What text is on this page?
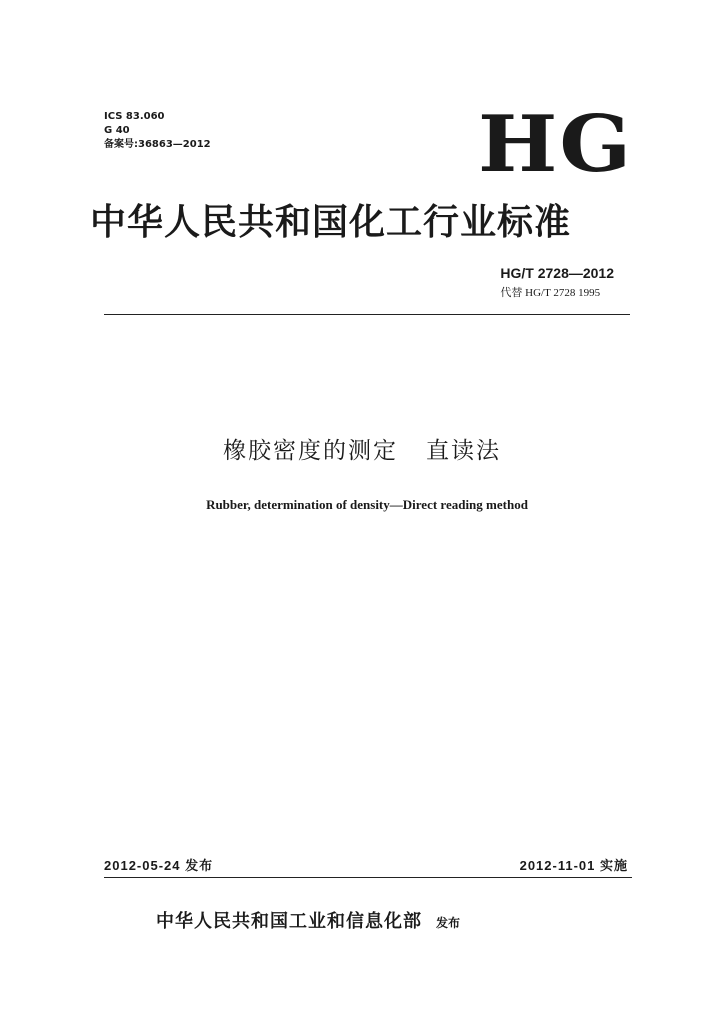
ICS 83.060
G 40
备案号:36863—2012	HG
中华人民共和国化工行业标准
HG/T 2728—2012
代替 HG/T 2728 1995
橡胶密度的测定 直读法
Rubber, determination of density—Direct reading method
2012-05-24 发布	2012-11-01 实施
中华人民共和国工业和信息化部 发布
